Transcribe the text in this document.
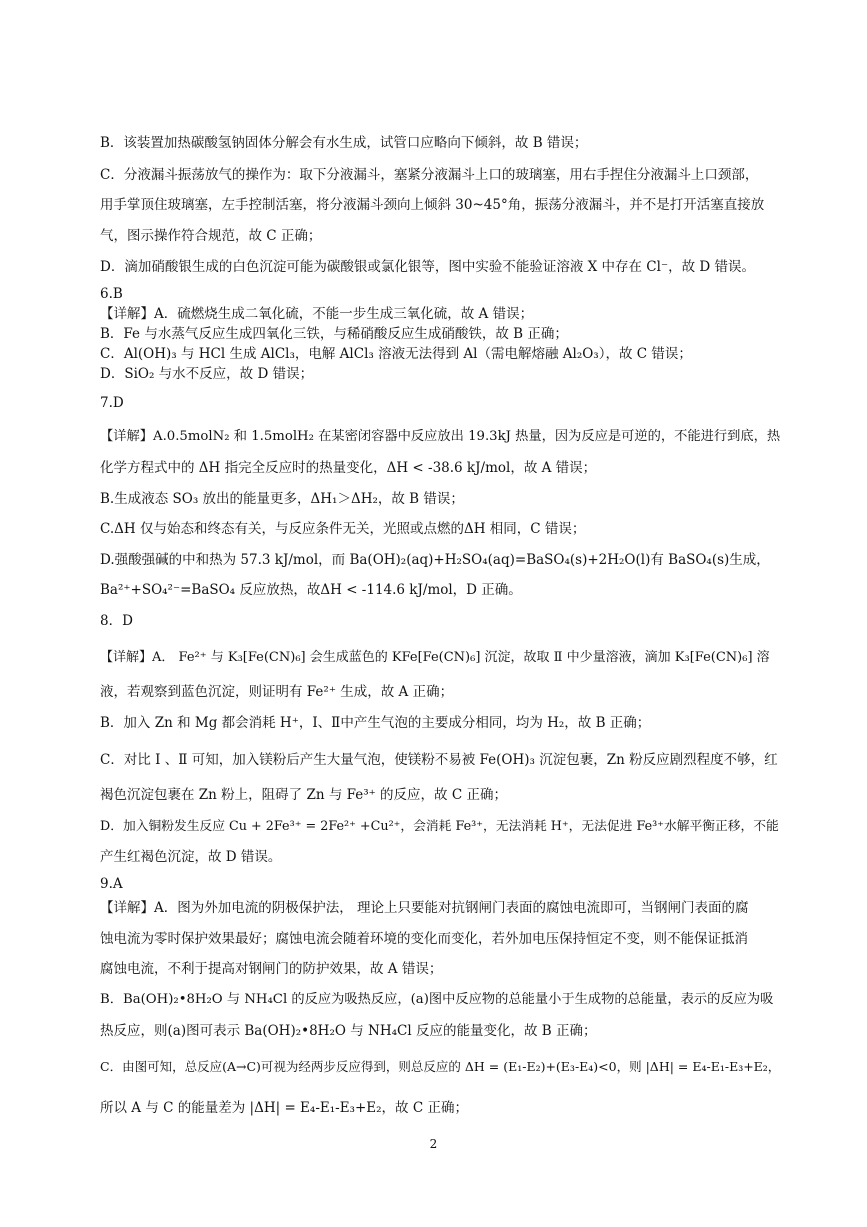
B．该装置加热碳酸氢钠固体分解会有水生成，试管口应略向下倾斜，故 B 错误；
C．分液漏斗振荡放气的操作为：取下分液漏斗，塞紧分液漏斗上口的玻璃塞，用右手捏住分液漏斗上口颈部，
用手掌顶住玻璃塞，左手控制活塞，将分液漏斗颈向上倾斜 30~45°角，振荡分液漏斗，并不是打开活塞直接放
气，图示操作符合规范，故 C 正确；
D．滴加硝酸银生成的白色沉淀可能为碳酸银或氯化银等，图中实验不能验证溶液 X 中存在 Cl⁻，故 D 错误。
6.B
【详解】A．硫燃烧生成二氧化硫，不能一步生成三氧化硫，故 A 错误；
B．Fe 与水蒸气反应生成四氧化三铁，与稀硝酸反应生成硝酸铁，故 B 正确；
C．Al(OH)₃ 与 HCl 生成 AlCl₃，电解 AlCl₃ 溶液无法得到 Al（需电解熔融 Al₂O₃），故 C 错误；
D．SiO₂ 与水不反应，故 D 错误；
7.D
【详解】A.0.5molN₂ 和 1.5molH₂ 在某密闭容器中反应放出 19.3kJ 热量，因为反应是可逆的，不能进行到底，热
化学方程式中的 ΔH 指完全反应时的热量变化，ΔH < -38.6 kJ/mol，故 A 错误；
B.生成液态 SO₃ 放出的能量更多，ΔH₁＞ΔH₂，故 B 错误；
C.ΔH 仅与始态和终态有关，与反应条件无关，光照或点燃的ΔH 相同，C 错误；
D.强酸强碱的中和热为 57.3 kJ/mol，而 Ba(OH)₂(aq)+H₂SO₄(aq)=BaSO₄(s)+2H₂O(l)有 BaSO₄(s)生成，
Ba²⁺+SO₄²⁻=BaSO₄ 反应放热，故ΔH < -114.6 kJ/mol，D 正确。
8．D
【详解】A． Fe²⁺ 与 K₃[Fe(CN)₆] 会生成蓝色的 KFe[Fe(CN)₆] 沉淀，故取 Ⅱ 中少量溶液，滴加 K₃[Fe(CN)₆] 溶
液，若观察到蓝色沉淀，则证明有 Fe²⁺ 生成，故 A 正确；
B．加入 Zn 和 Mg 都会消耗 H⁺，Ⅰ、Ⅱ中产生气泡的主要成分相同，均为 H₂，故 B 正确；
C．对比 Ⅰ 、Ⅱ 可知，加入镁粉后产生大量气泡，使镁粉不易被 Fe(OH)₃ 沉淀包裹，Zn 粉反应剧烈程度不够，红
褐色沉淀包裹在 Zn 粉上，阻碍了 Zn 与 Fe³⁺ 的反应，故 C 正确；
D．加入铜粉发生反应 Cu + 2Fe³⁺ = 2Fe²⁺ +Cu²⁺，会消耗 Fe³⁺，无法消耗 H⁺，无法促进 Fe³⁺水解平衡正移，不能
产生红褐色沉淀，故 D 错误。
9.A
【详解】A．图为外加电流的阴极保护法， 理论上只要能对抗钢闸门表面的腐蚀电流即可，当钢闸门表面的腐
蚀电流为零时保护效果最好；腐蚀电流会随着环境的变化而变化，若外加电压保持恒定不变，则不能保证抵消
腐蚀电流，不利于提高对钢闸门的防护效果，故 A 错误；
B．Ba(OH)₂•8H₂O 与 NH₄Cl 的反应为吸热反应，(a)图中反应物的总能量小于生成物的总能量，表示的反应为吸
热反应，则(a)图可表示 Ba(OH)₂•8H₂O 与 NH₄Cl 反应的能量变化，故 B 正确；
C．由图可知，总反应(A→C)可视为经两步反应得到，则总反应的 ΔH = (E₁-E₂)+(E₃-E₄)<0，则 |ΔH| = E₄-E₁-E₃+E₂，
所以 A 与 C 的能量差为 |ΔH| = E₄-E₁-E₃+E₂，故 C 正确；
2
